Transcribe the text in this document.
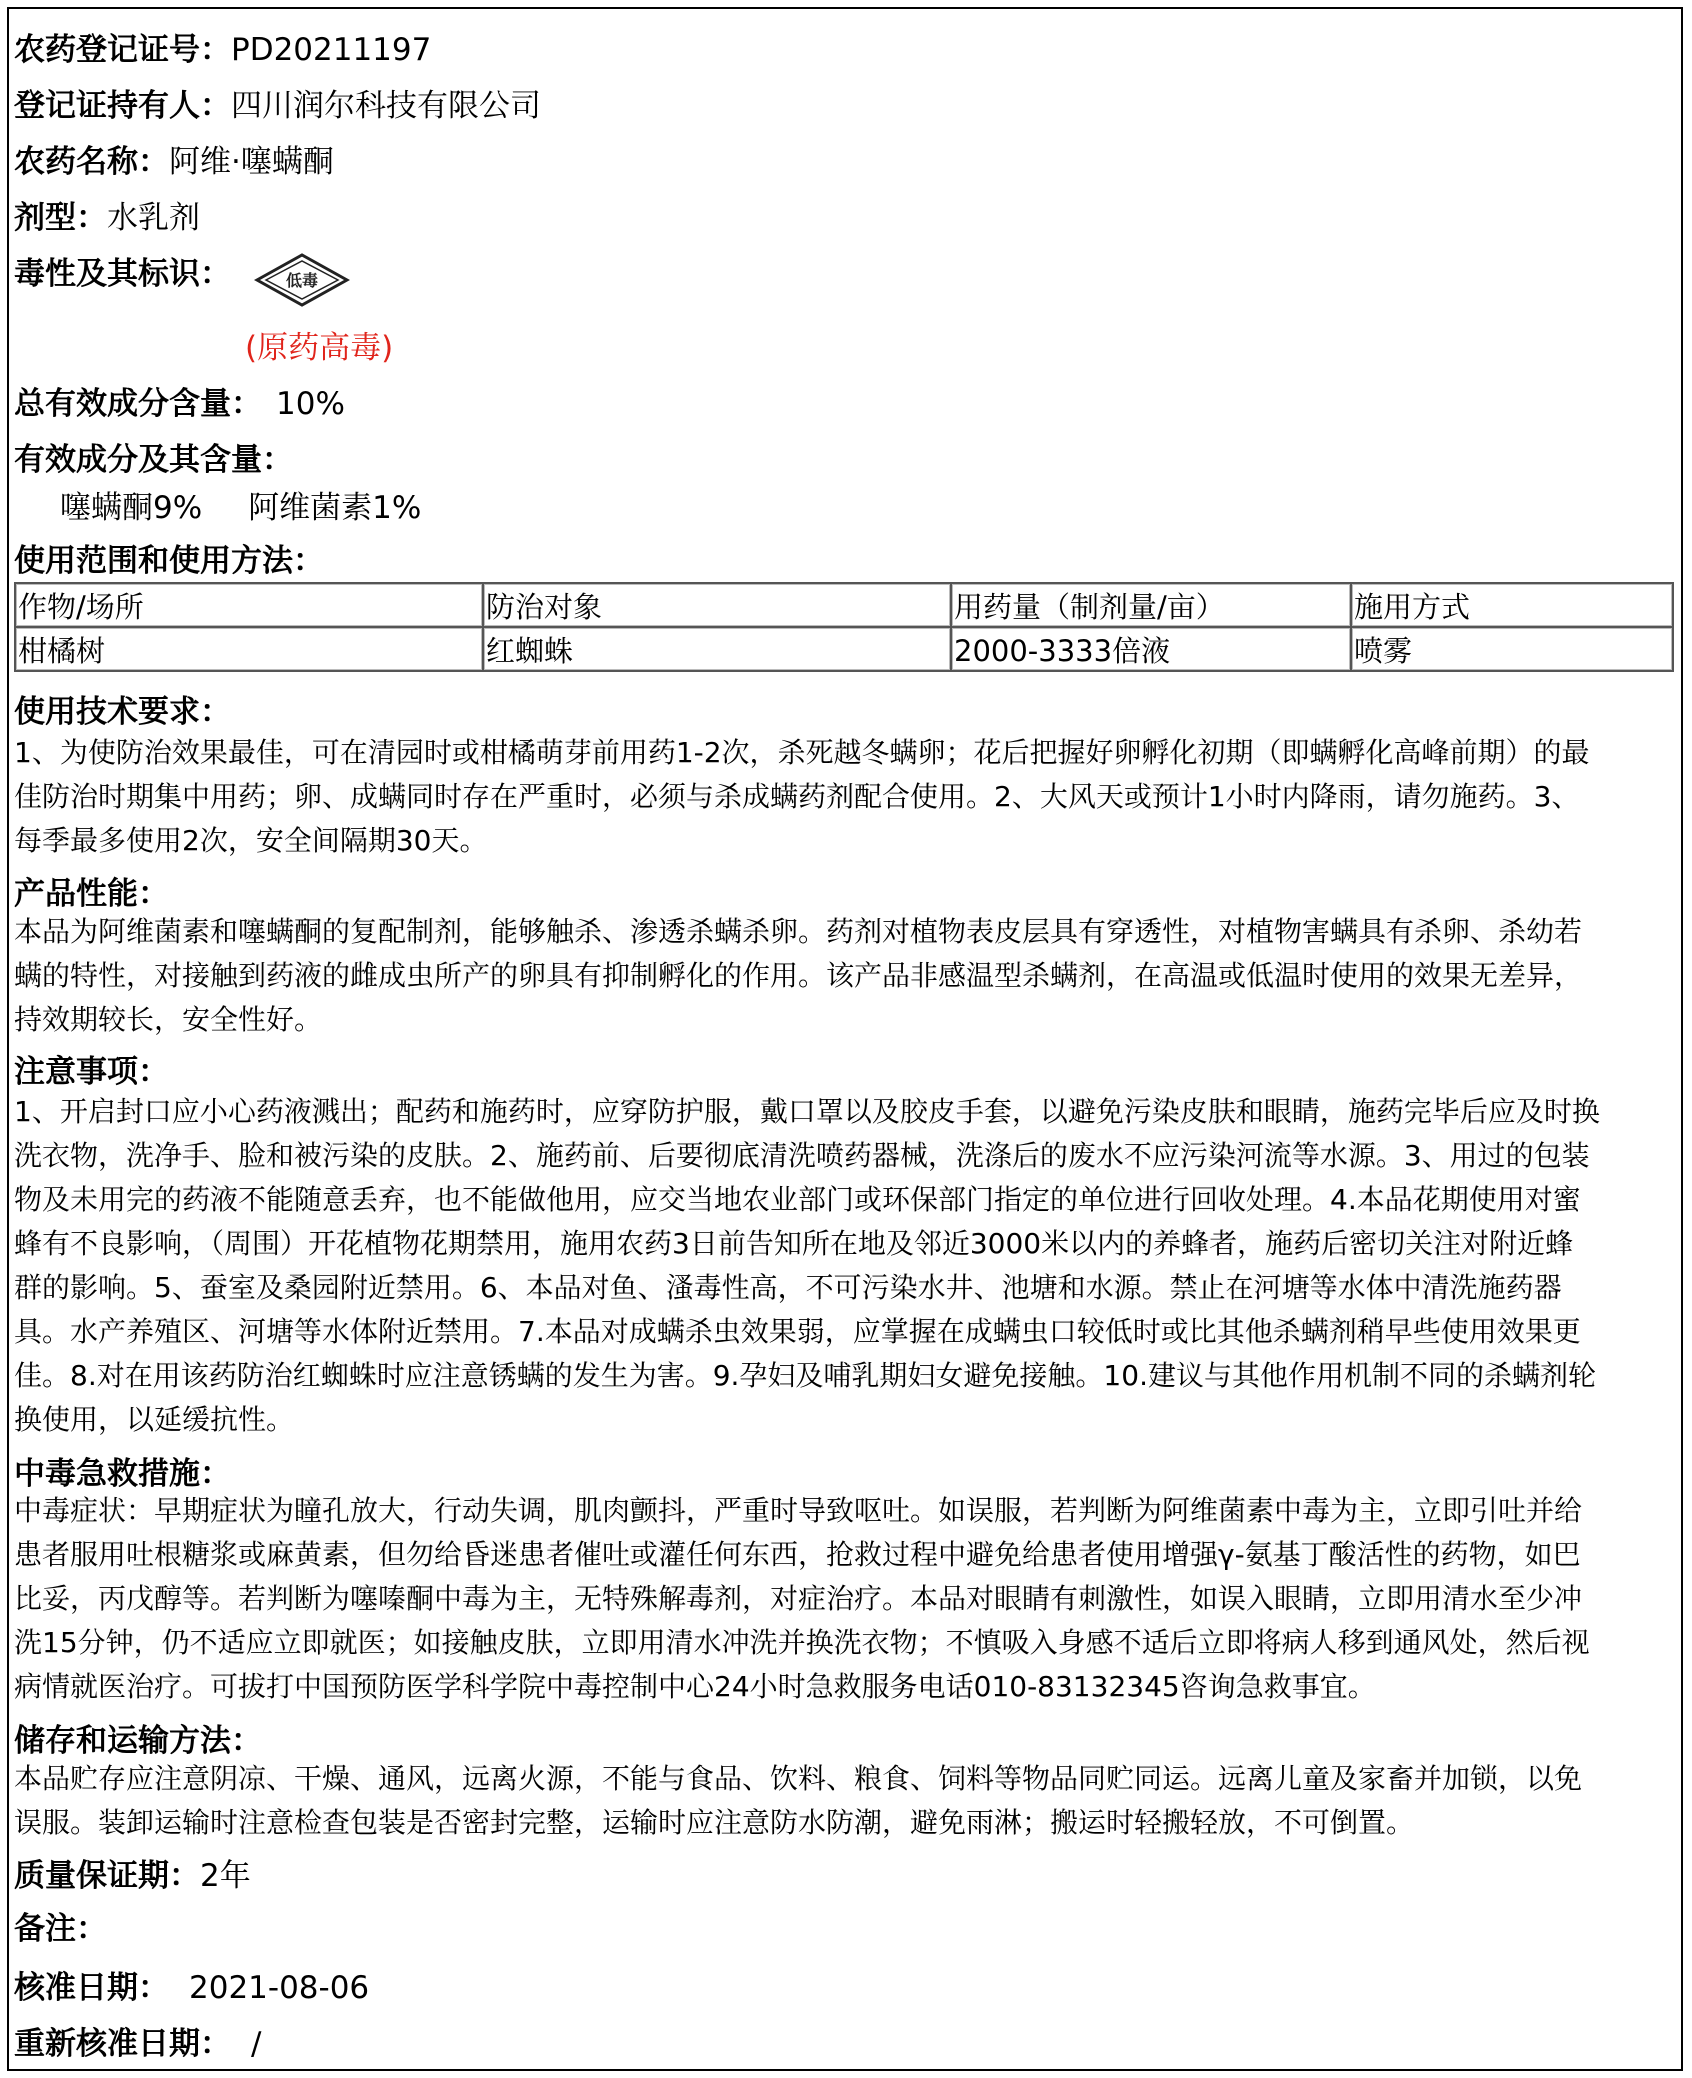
农药登记证号：PD20211197
登记证持有人：四川润尔科技有限公司
农药名称：阿维·噻螨酮
剂型：水乳剂
毒性及其标识：	低毒
(原药高毒)
总有效成分含量： 10%
有效成分及其含量：
噻螨酮9% 阿维菌素1%
使用范围和使用方法：
作物/场所	防治对象	用药量（制剂量/亩）	施用方式
柑橘树	红蜘蛛	2000-3333倍液	喷雾
使用技术要求：
1、为使防治效果最佳，可在清园时或柑橘萌芽前用药1-2次，杀死越冬螨卵；花后把握好卵孵化初期（即螨孵化高峰前期）的最
佳防治时期集中用药；卵、成螨同时存在严重时，必须与杀成螨药剂配合使用。2、大风天或预计1小时内降雨，请勿施药。3、
每季最多使用2次，安全间隔期30天。
产品性能：
本品为阿维菌素和噻螨酮的复配制剂，能够触杀、渗透杀螨杀卵。药剂对植物表皮层具有穿透性，对植物害螨具有杀卵、杀幼若
螨的特性，对接触到药液的雌成虫所产的卵具有抑制孵化的作用。该产品非感温型杀螨剂，在高温或低温时使用的效果无差异，
持效期较长，安全性好。
注意事项：
1、开启封口应小心药液溅出；配药和施药时，应穿防护服，戴口罩以及胶皮手套，以避免污染皮肤和眼睛，施药完毕后应及时换
洗衣物，洗净手、脸和被污染的皮肤。2、施药前、后要彻底清洗喷药器械，洗涤后的废水不应污染河流等水源。3、用过的包装
物及未用完的药液不能随意丢弃，也不能做他用，应交当地农业部门或环保部门指定的单位进行回收处理。4.本品花期使用对蜜
蜂有不良影响，（周围）开花植物花期禁用，施用农药3日前告知所在地及邻近3000米以内的养蜂者，施药后密切关注对附近蜂
群的影响。5、蚕室及桑园附近禁用。6、本品对鱼、溞毒性高，不可污染水井、池塘和水源。禁止在河塘等水体中清洗施药器
具。水产养殖区、河塘等水体附近禁用。7.本品对成螨杀虫效果弱，应掌握在成螨虫口较低时或比其他杀螨剂稍早些使用效果更
佳。8.对在用该药防治红蜘蛛时应注意锈螨的发生为害。9.孕妇及哺乳期妇女避免接触。10.建议与其他作用机制不同的杀螨剂轮
换使用，以延缓抗性。
中毒急救措施：
中毒症状：早期症状为瞳孔放大，行动失调，肌肉颤抖，严重时导致呕吐。如误服，若判断为阿维菌素中毒为主，立即引吐并给
患者服用吐根糖浆或麻黄素，但勿给昏迷患者催吐或灌任何东西，抢救过程中避免给患者使用增强γ-氨基丁酸活性的药物，如巴
比妥，丙戊醇等。若判断为噻嗪酮中毒为主，无特殊解毒剂，对症治疗。本品对眼睛有刺激性，如误入眼睛，立即用清水至少冲
洗15分钟，仍不适应立即就医；如接触皮肤，立即用清水冲洗并换洗衣物；不慎吸入身感不适后立即将病人移到通风处，然后视
病情就医治疗。可拔打中国预防医学科学院中毒控制中心24小时急救服务电话010-83132345咨询急救事宜。
储存和运输方法：
本品贮存应注意阴凉、干燥、通风，远离火源，不能与食品、饮料、粮食、饲料等物品同贮同运。远离儿童及家畜并加锁，以免
误服。装卸运输时注意检查包装是否密封完整，运输时应注意防水防潮，避免雨淋；搬运时轻搬轻放，不可倒置。
质量保证期：2年
备注：
核准日期： 2021-08-06
重新核准日期： /
